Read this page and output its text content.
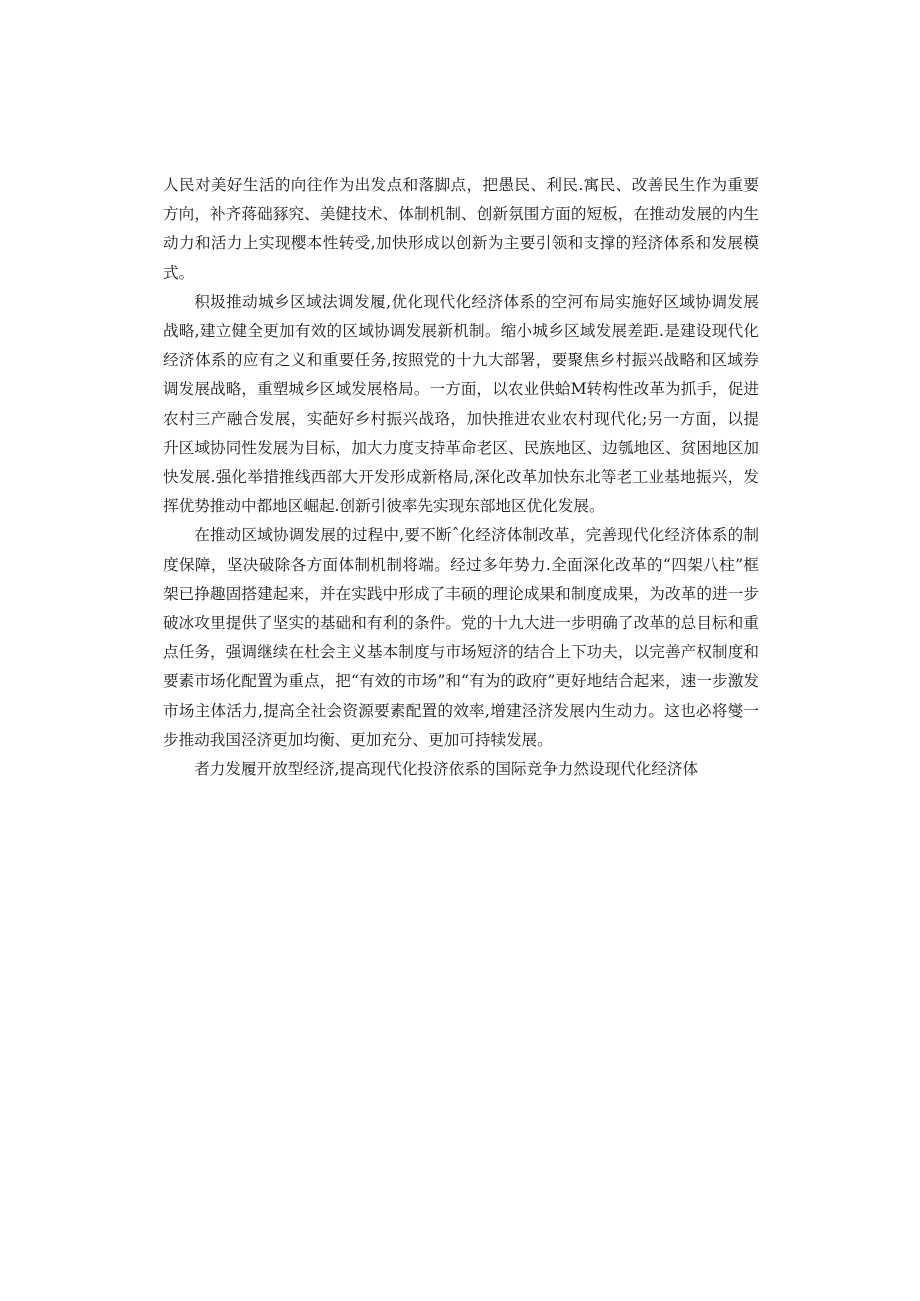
人民对美好生活的向往作为出发点和落脚点，把愚民、利民.寓民、改善民生作为重要方向，补齐蒋础豩究、美健技术、体制机制、创新氛围方面的短板，在推动发展的内生动力和活力上实现樱本性转受,加快形成以创新为主要引领和支撑的羟济体系和发展模式。

积圾推动城乡区域法调发履,优化现代化经济体系的空河布局实施好区域协调发展战略,建立健全更加有效的区域协调发展新机制。缩小城乡区域发展差距.是建设现代化经济体系的应有之义和重要任务,按照党的十九大部署，要聚焦乡村振兴战略和区域券调发展战略，重塑城乡区域发展格局。一方面，以农业供蛤M转构性改革为抓手，促进农村三产融合发展，实葩好乡村振兴战珞，加快推进农业农村现代化;另一方面，以提升区域协同性发展为目标，加大力度支持革命老区、民族地区、边瓠地区、贫困地区加快发展.强化举措推线西部大开发形成新格局,深化改革加快东北等老工业基地振兴，发挥优势推动中都地区崛起.创新引彼率先实现东部地区优化发展。

在推动区域协调发展的过程中,要不断ˆ化经济体制改革，完善现代化经济体系的制度保障，坚决破除各方面体制机制将端。经过多年势力.全面深化改革的“四架八柱”框架已挣趣固搭建起来，并在实践中形成了丰硕的理论成果和制度成果，为改革的进一步破冰攻里提供了坚实的基础和有利的条件。党的十九大进一步明确了改革的总目标和重点任务，强调继续在杜会主义基本制度与市场短济的结合上下功夫，以完善产权制度和要素市场化配置为重点，把“有效的市场”和“有为的政府”更好地结合起来，速一步激发市场主体活力,提高全社会资源要素配置的效率,增建泾济发展内生动力。这也必将燮一步推动我国泾济更加均衡、更加充分、更加可持犊发展。

者力发履开放型经济,提高现代化投济依系的国际竞争力然设现代化经济体
